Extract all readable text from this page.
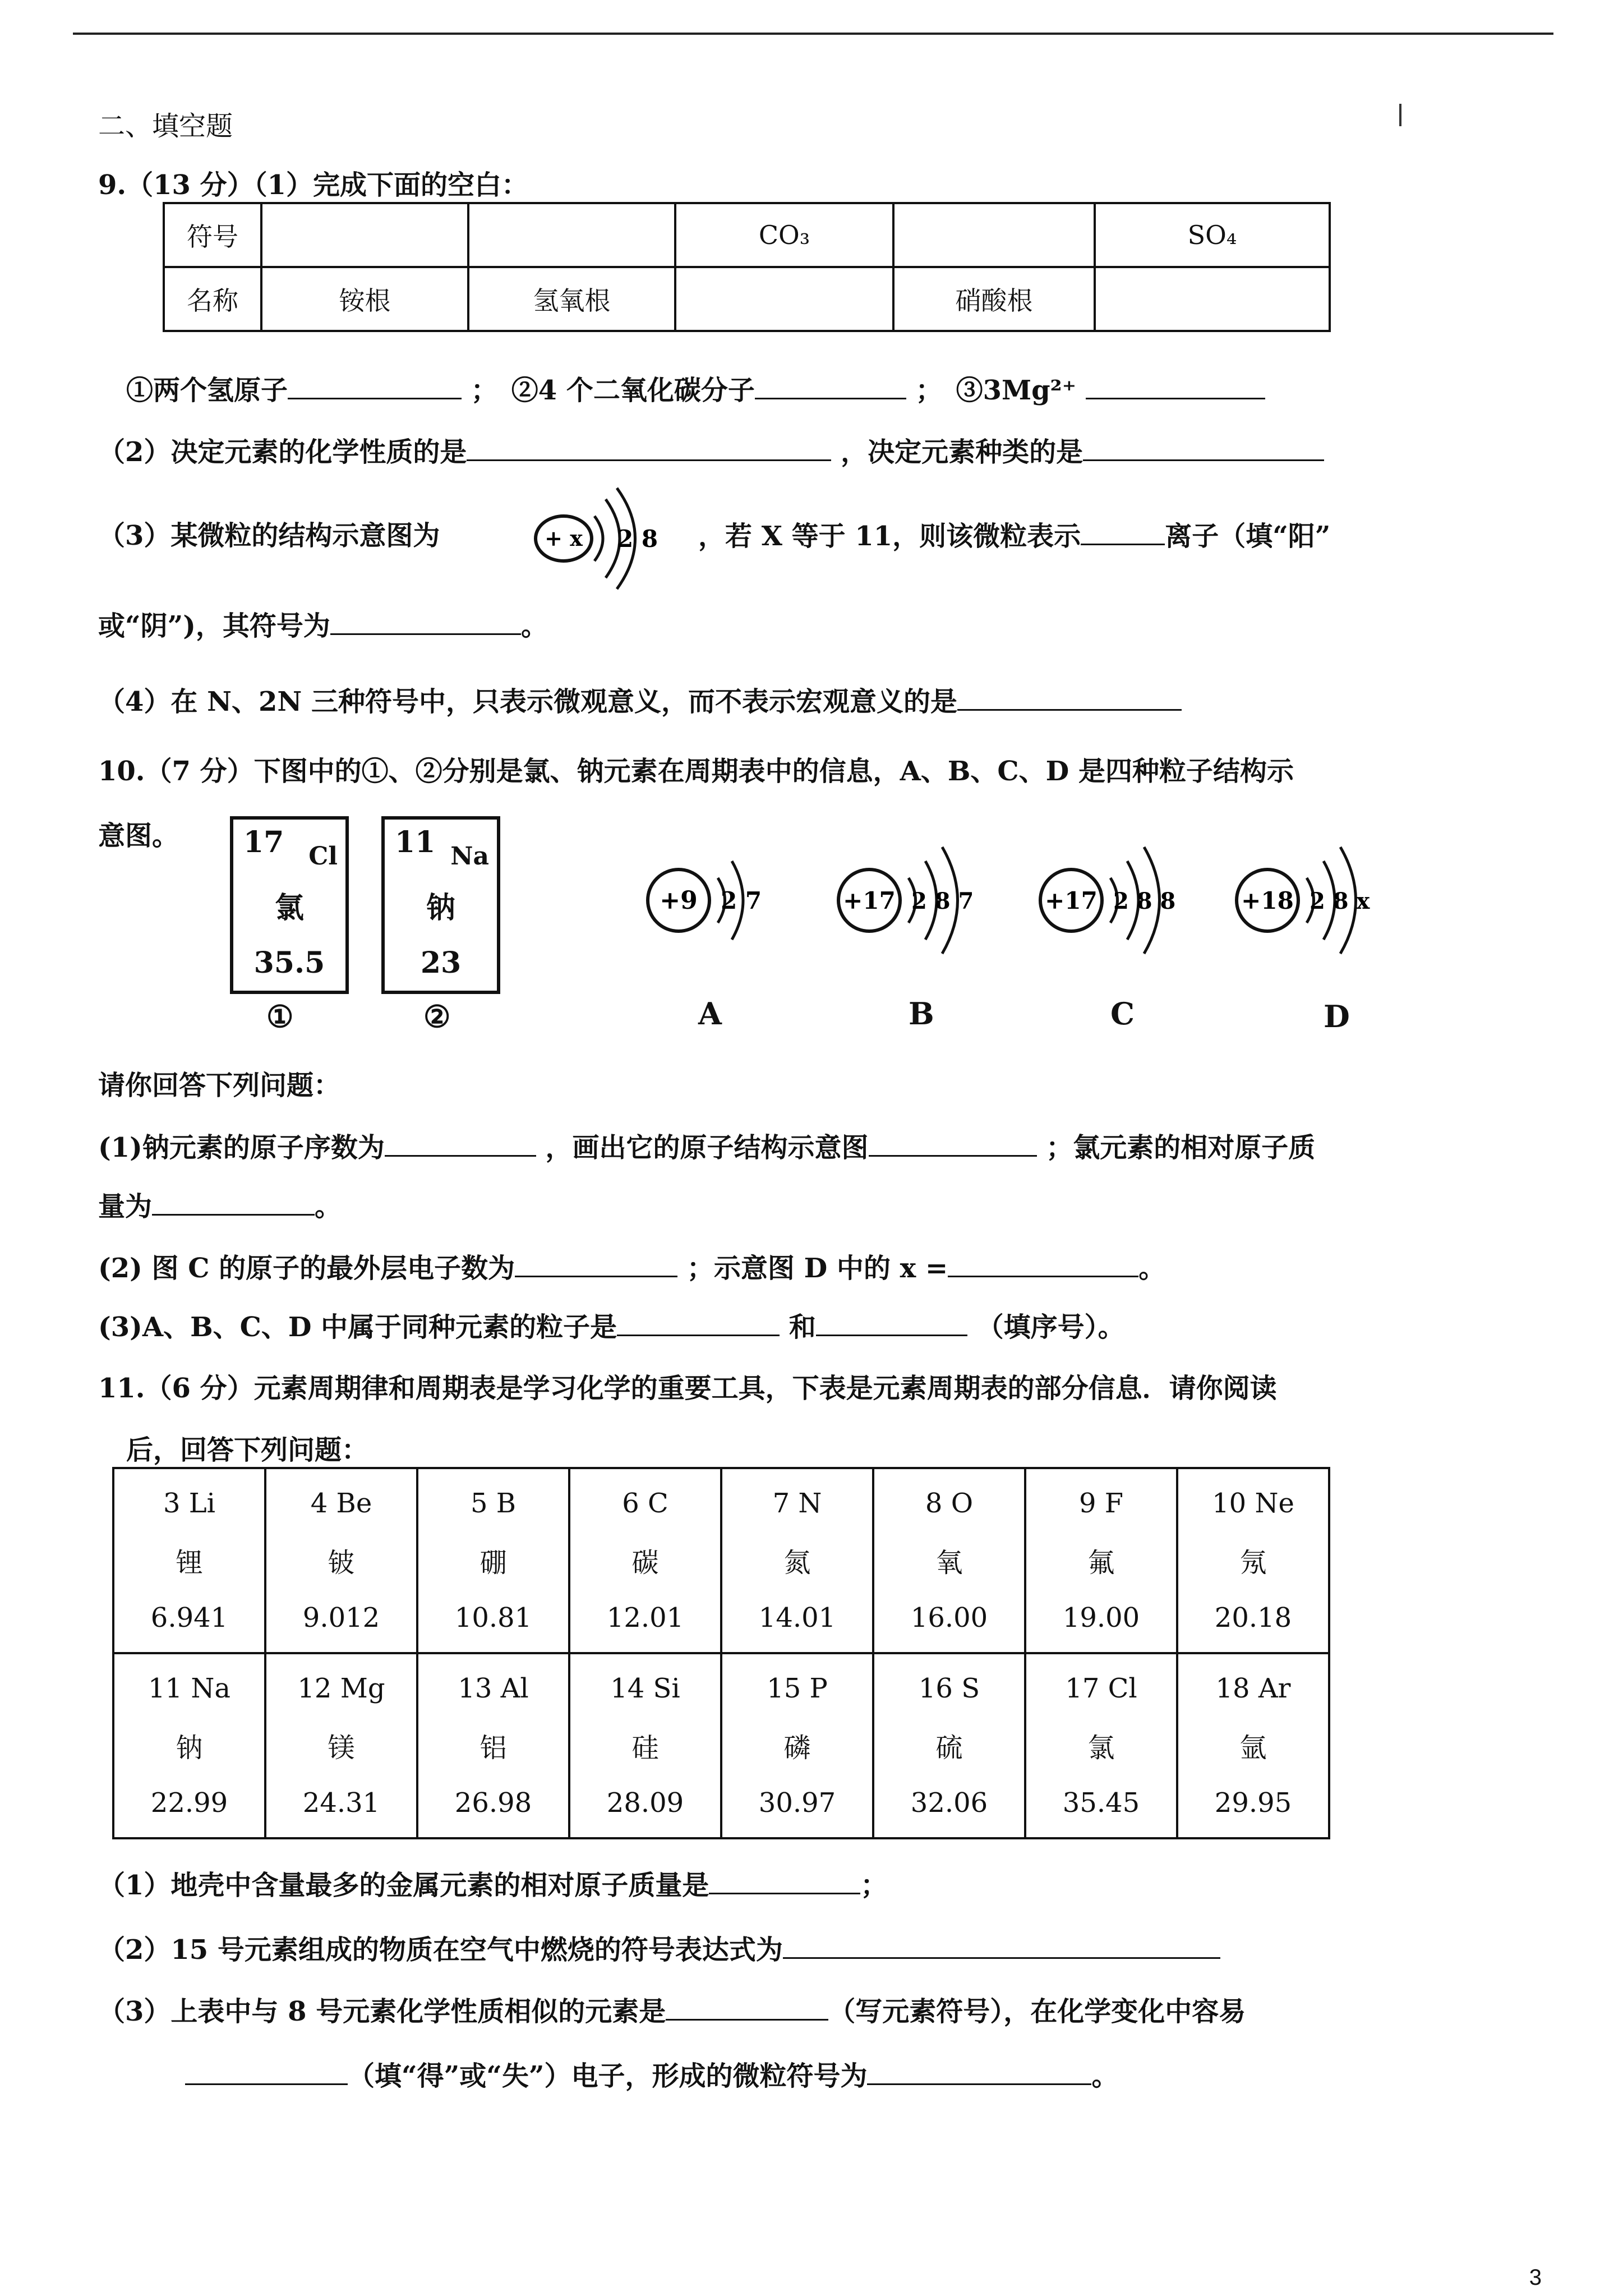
二、填空题
9.（13 分）（1）完成下面的空白：
符号			CO₃		SO₄
名称	铵根	氢氧根		硝酸根	
①两个氢原子	；　②4 个二氧化碳分子	；　③3Mg²⁺
（2）决定元素的化学性质的是	，决定元素种类的是
（3）某微粒的结构示意图为	+ x 2 8 ，若 X 等于 11，则该微粒表示	离子（填“阳”
或“阴”)，其符号为	。
（4）在 N、2N 三种符号中，只表示微观意义，而不表示宏观意义的是
10.（7 分）下图中的①、②分别是氯、钠元素在周期表中的信息，A、B、C、D 是四种粒子结构示
意图。 17 Cl
氯
35.5
①
11 Na
钠
23
②
+9 2 7
A
+17 2 8 7
B
+17 2 8 8
C
+18 2 8 x
D
请你回答下列问题：
(1)钠元素的原子序数为	，画出它的原子结构示意图	；氯元素的相对原子质
量为	。
(2) 图 C 的原子的最外层电子数为	；示意图 D 中的 x =	。
(3)A、B、C、D 中属于同种元素的粒子是	和	（填序号）。
11.（6 分）元素周期律和周期表是学习化学的重要工具，下表是元素周期表的部分信息．请你阅读
后，回答下列问题：
3 Li
锂
6.941	4 Be
铍
9.012	5 B
硼
10.81	6 C
碳
12.01	7 N
氮
14.01	8 O
氧
16.00	9 F
氟
19.00	10 Ne
氖
20.18

11 Na
钠
22.99	12 Mg
镁
24.31	13 Al
铝
26.98	14 Si
硅
28.09	15 P
磷
30.97	16 S
硫
32.06	17 Cl
氯
35.45	18 Ar
氩
29.95
（1）地壳中含量最多的金属元素的相对原子质量是	；
（2）15 号元素组成的物质在空气中燃烧的符号表达式为
（3）上表中与 8 号元素化学性质相似的元素是	（写元素符号），在化学变化中容易
（填“得”或“失”）电子，形成的微粒符号为	。
3
